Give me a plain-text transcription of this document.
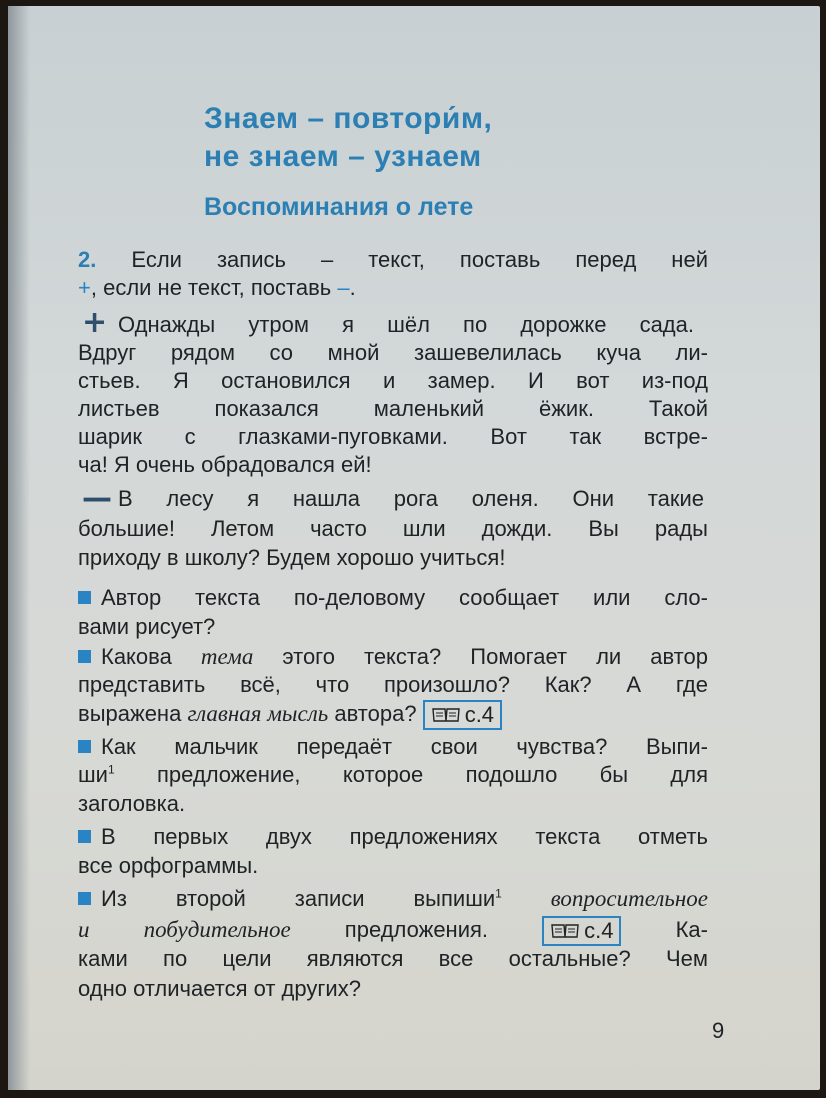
Знаем – повтори́м,
не знаем – узнаем
Воспоминания о лете
2. Если запись – текст, поставь перед ней
+, если не текст, поставь –.
+ Однажды утром я шёл по дорожке сада.
Вдруг рядом со мной зашевелилась куча ли-
стьев. Я остановился и замер. И вот из-под
листьев показался маленький ёжик. Такой
шарик с глазками-пуговками. Вот так встре-
ча! Я очень обрадовался ей!
— В лесу я нашла рога оленя. Они такие
большие! Летом часто шли дожди. Вы рады
приходу в школу? Будем хорошо учиться!
Автор текста по-деловому сообщает или сло-
вами рисует?
Какова тема этого текста? Помогает ли автор
представить всё, что произошло? Как? А где
выражена главная мысль автора? с.4
Как мальчик передаёт свои чувства? Выпи-
$ши^1$ предложение, которое подошло бы для
заголовка.
В первых двух предложениях текста отметь
все орфограммы.
Из второй записи выпиши$^1$ вопросительное
и побудительное предложения.	с.4	Ка-
ками по цели являются все остальные? Чем
одно отличается от других?
9
